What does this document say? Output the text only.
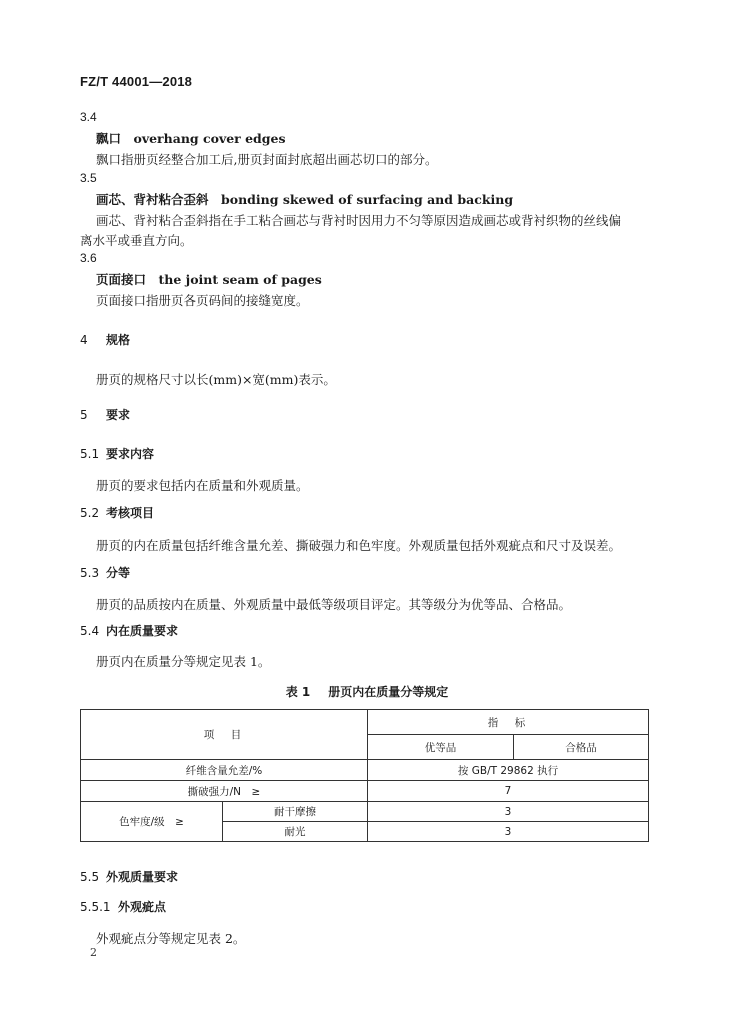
FZ/T 44001—2018
3.4
飘口　overhang cover edges
飘口指册页经整合加工后,册页封面封底超出画芯切口的部分。
3.5
画芯、背衬粘合歪斜　bonding skewed of surfacing and backing
画芯、背衬粘合歪斜指在手工粘合画芯与背衬时因用力不匀等原因造成画芯或背衬织物的丝线偏
离水平或垂直方向。
3.6
页面接口　the joint seam of pages
页面接口指册页各页码间的接缝宽度。
4 规格
册页的规格尺寸以长(mm)×宽(mm)表示。
5 要求
5.1 要求内容
册页的要求包括内在质量和外观质量。
5.2 考核项目
册页的内在质量包括纤维含量允差、撕破强力和色牢度。外观质量包括外观疵点和尺寸及误差。
5.3 分等
册页的品质按内在质量、外观质量中最低等级项目评定。其等级分为优等品、合格品。
5.4 内在质量要求
册页内在质量分等规定见表 1。
表 1 册页内在质量分等规定
项　目
指　标
优等品	合格品
纤维含量允差/%	按 GB/T 29862 执行
撕破强力/N　≥	7
色牢度/级　≥
耐干摩擦	3
耐光	3
5.5 外观质量要求
5.5.1 外观疵点
外观疵点分等规定见表 2。
2
